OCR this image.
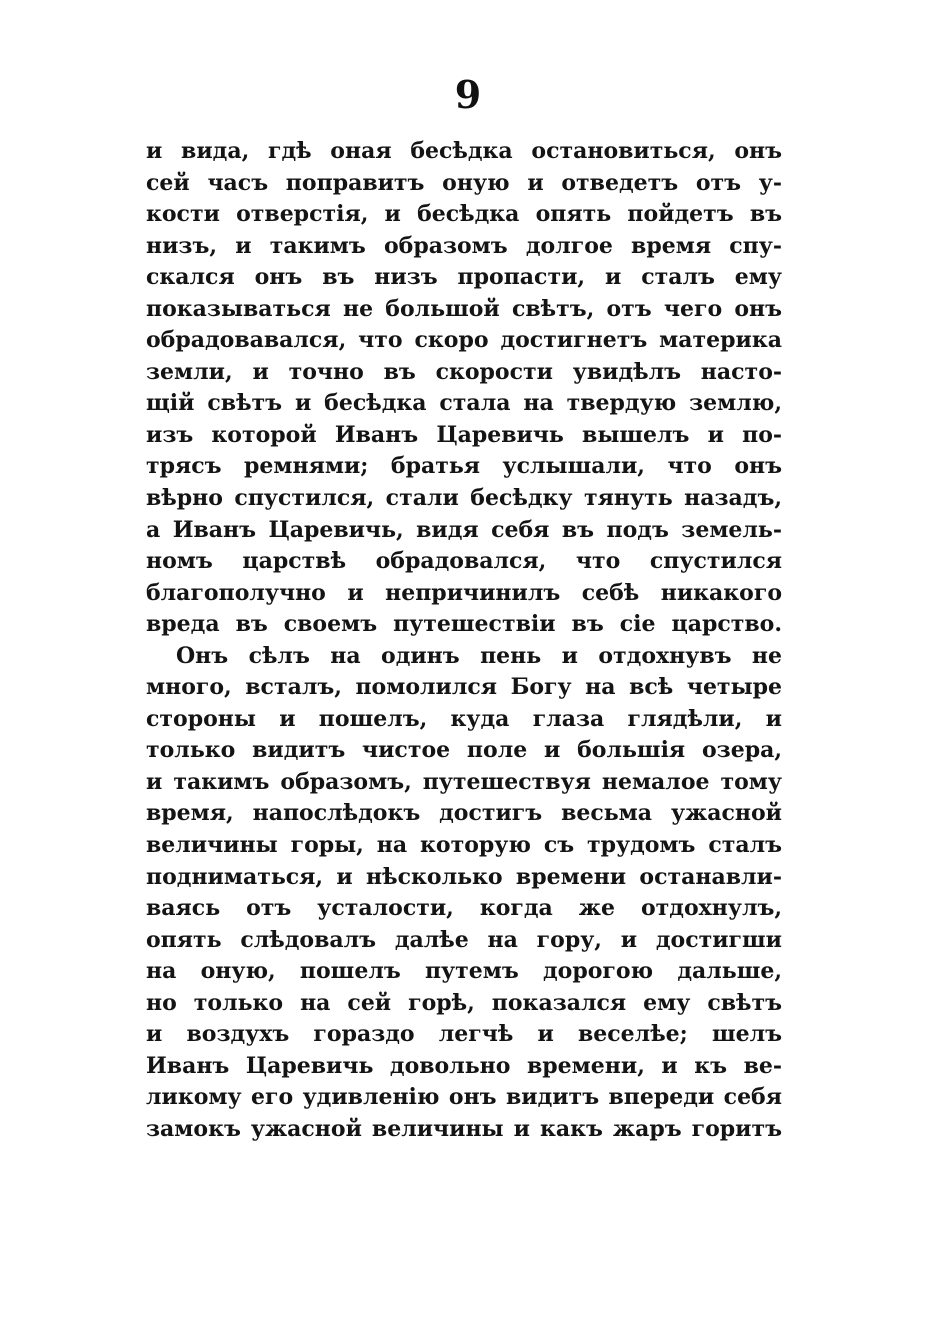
9
и вида, гдѣ оная бесѣдка остановиться, онъ
сей часъ поправитъ оную и отведетъ отъ у-
кости отверстія, и бесѣдка опять пойдетъ въ
низъ, и такимъ образомъ долгое время спу-
скался онъ въ низъ пропасти, и сталъ ему
показываться не большой свѣтъ, отъ чего онъ
обрадовавался, что скоро достигнетъ материка
земли, и точно въ скорости увидѣлъ насто-
щій свѣтъ и бесѣдка стала на твердую землю,
изъ которой Иванъ Царевичь вышелъ и по-
трясъ ремнями; братья услышали, что онъ
вѣрно спустился, стали бесѣдку тянуть назадъ,
а Иванъ Царевичь, видя себя въ подъ земель-
номъ царствѣ обрадовался, что спустился
благополучно и непричинилъ себѣ никакого
вреда въ своемъ путешествіи въ сіе царство.
Онъ сѣлъ на одинъ пень и отдохнувъ не
много, всталъ, помолился Богу на всѣ четыре
стороны и пошелъ, куда глаза глядѣли, и
только видитъ чистое поле и большія озера,
и такимъ образомъ, путешествуя немалое тому
время, напослѣдокъ достигъ весьма ужасной
величины горы, на которую съ трудомъ сталъ
подниматься, и нѣсколько времени останавли-
ваясь отъ усталости, когда же отдохнулъ,
опять слѣдовалъ далѣе на гору, и достигши
на оную, пошелъ путемъ дорогою дальше,
но только на сей горѣ, показался ему свѣтъ
и воздухъ гораздо легчѣ и веселѣе; шелъ
Иванъ Царевичь довольно времени, и къ ве-
ликому его удивленію онъ видитъ впереди себя
замокъ ужасной величины и какъ жаръ горитъ
